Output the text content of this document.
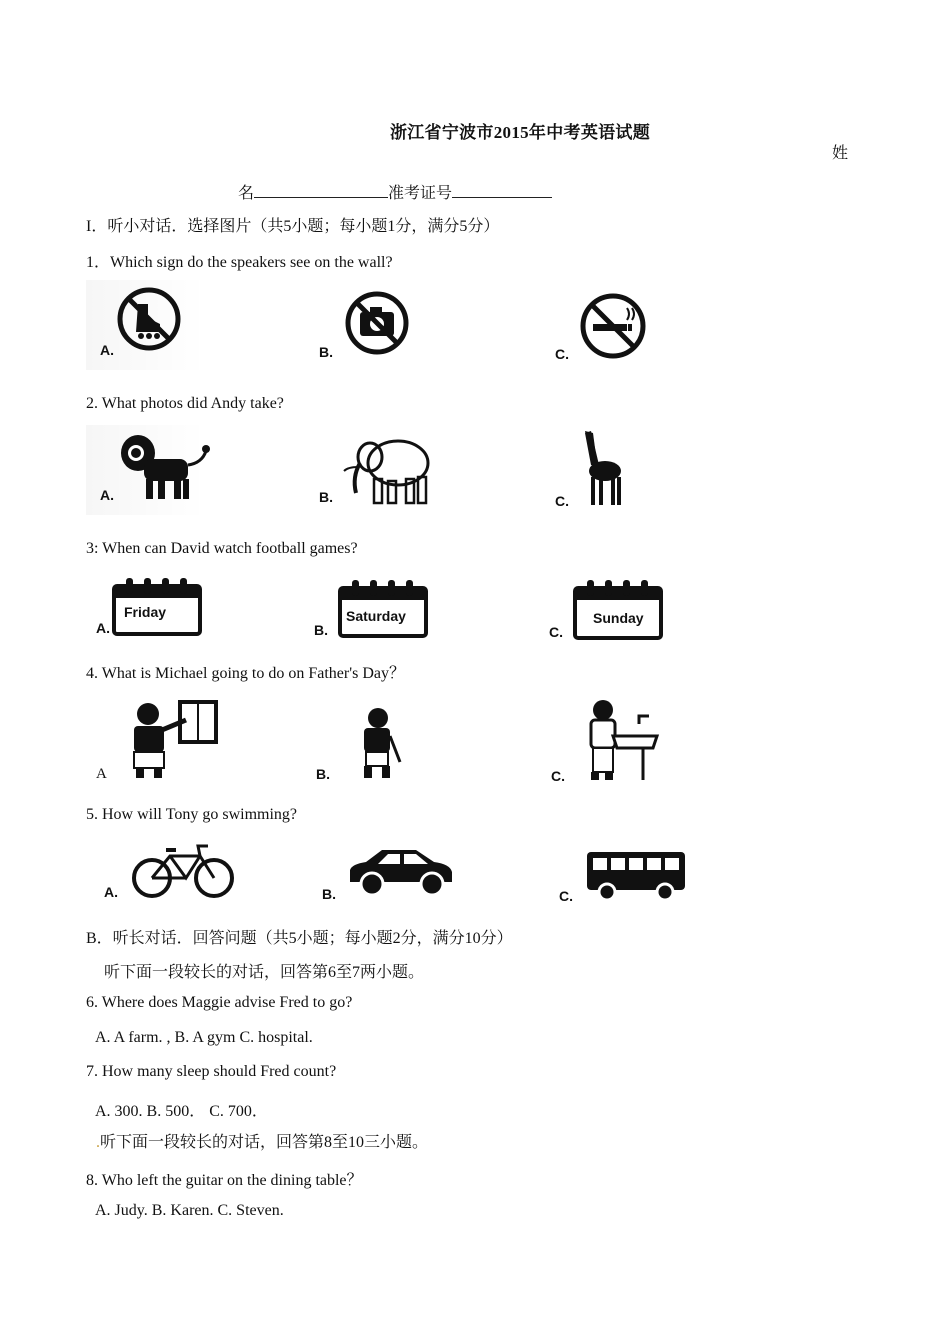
浙江省宁波市2015年中考英语试题
姓
名	准考证号
I．听小对话．选择图片（共5小题；每小题1分，满分5分）
1．Which sign do the speakers see on the wall?
A.	B.	C.
2. What photos did Andy take?
A.	B.	C.
3: When can David watch football games?
A.
Friday
B.
Saturday
C.
Sunday
4. What is Michael going to do on Father's Day？
A	B.	C.
5. How will Tony go swimming?
A.	B.	C.
B．听长对话．回答问题（共5小题；每小题2分，满分10分）
听下面一段较长的对话，回答第6至7两小题。
6. Where does Maggie advise Fred to go?
A. A farm. , B. A gym C. hospital.
7. How many sleep should Fred count?
A. 300. B. 500． C. 700．
.听下面一段较长的对话，回答第8至10三小题。
8. Who left the guitar on the dining table？
A. Judy. B. Karen. C. Steven.
